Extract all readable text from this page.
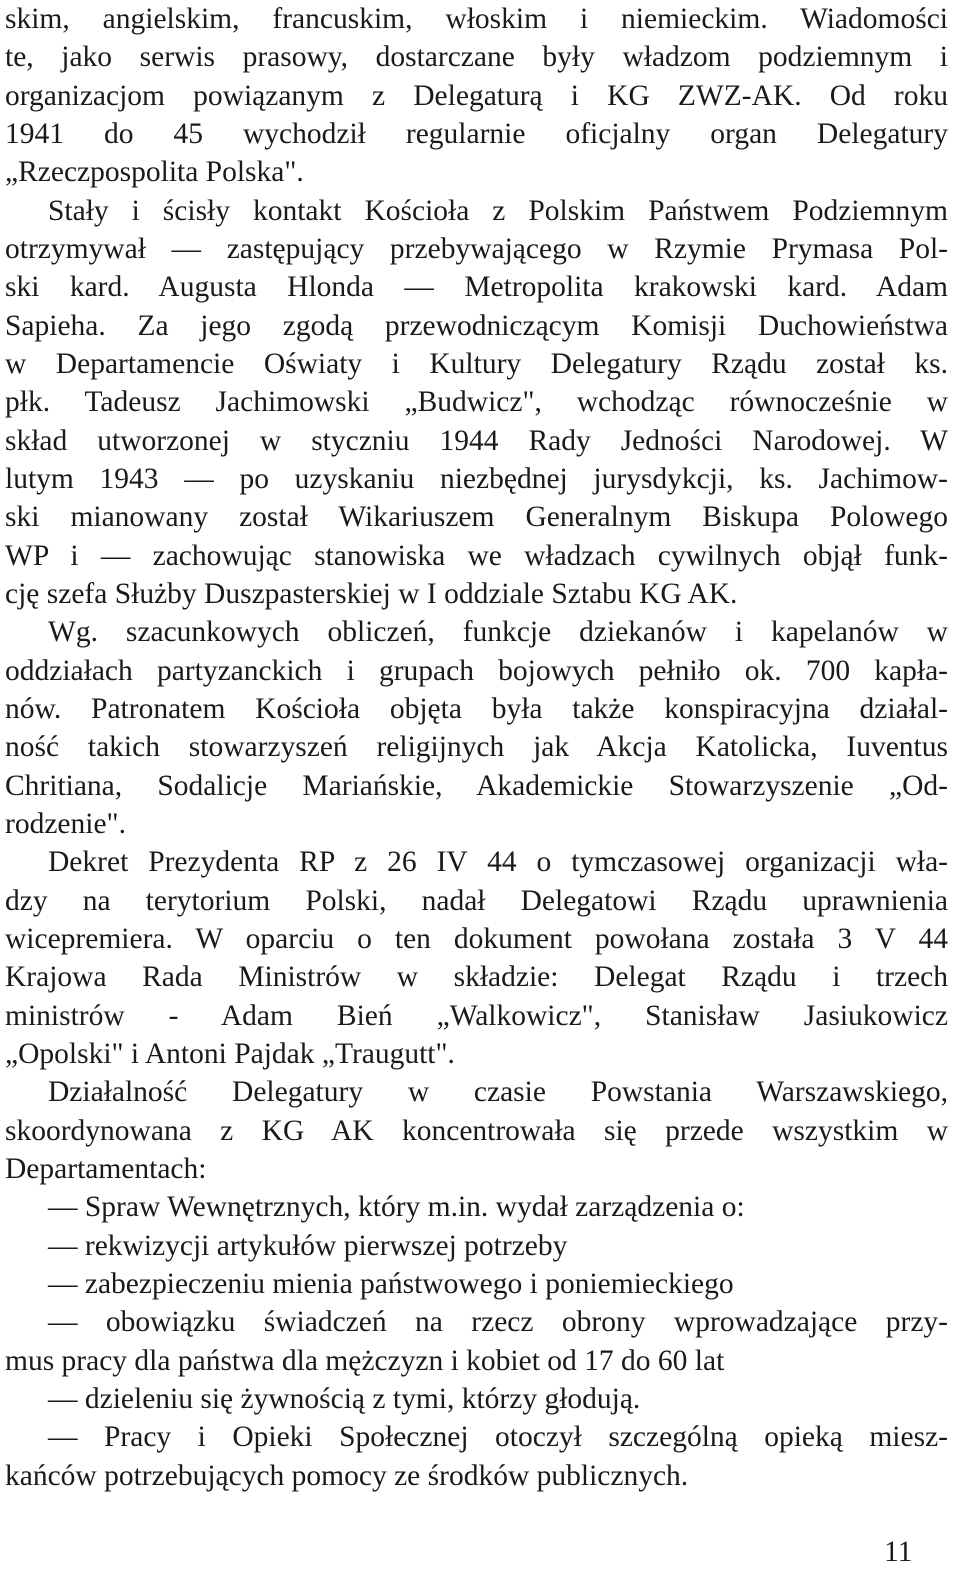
skim, angielskim, francuskim, włoskim i niemieckim. Wiadomości
te, jako serwis prasowy, dostarczane były władzom podziemnym i
organizacjom powiązanym z Delegaturą i KG ZWZ-AK. Od roku
1941 do 45 wychodził regularnie oficjalny organ Delegatury
„Rzeczpospolita Polska".
Stały i ścisły kontakt Kościoła z Polskim Państwem Podziemnym
otrzymywał — zastępujący przebywającego w Rzymie Prymasa Pol-
ski kard. Augusta Hlonda — Metropolita krakowski kard. Adam
Sapieha. Za jego zgodą przewodniczącym Komisji Duchowieństwa
w Departamencie Oświaty i Kultury Delegatury Rządu został ks.
płk. Tadeusz Jachimowski „Budwicz", wchodząc równocześnie w
skład utworzonej w styczniu 1944 Rady Jedności Narodowej. W
lutym 1943 — po uzyskaniu niezbędnej jurysdykcji, ks. Jachimow-
ski mianowany został Wikariuszem Generalnym Biskupa Polowego
WP i — zachowując stanowiska we władzach cywilnych objął funk-
cję szefa Służby Duszpasterskiej w I oddziale Sztabu KG AK.
Wg. szacunkowych obliczeń, funkcje dziekanów i kapelanów w
oddziałach partyzanckich i grupach bojowych pełniło ok. 700 kapła-
nów. Patronatem Kościoła objęta była także konspiracyjna działal-
ność takich stowarzyszeń religijnych jak Akcja Katolicka, Iuventus
Chritiana, Sodalicje Mariańskie, Akademickie Stowarzyszenie „Od-
rodzenie".
Dekret Prezydenta RP z 26 IV 44 o tymczasowej organizacji wła-
dzy na terytorium Polski, nadał Delegatowi Rządu uprawnienia
wicepremiera. W oparciu o ten dokument powołana została 3 V 44
Krajowa Rada Ministrów w składzie: Delegat Rządu i trzech
ministrów - Adam Bień „Walkowicz", Stanisław Jasiukowicz
„Opolski" i Antoni Pajdak „Traugutt".
Działalność Delegatury w czasie Powstania Warszawskiego,
skoordynowana z KG AK koncentrowała się przede wszystkim w
Departamentach:
— Spraw Wewnętrznych, który m.in. wydał zarządzenia o:
— rekwizycji artykułów pierwszej potrzeby
— zabezpieczeniu mienia państwowego i poniemieckiego
— obowiązku świadczeń na rzecz obrony wprowadzające przy-
mus pracy dla państwa dla mężczyzn i kobiet od 17 do 60 lat
— dzieleniu się żywnością z tymi, którzy głodują.
— Pracy i Opieki Społecznej otoczył szczególną opieką miesz-
kańców potrzebujących pomocy ze środków publicznych.
11
